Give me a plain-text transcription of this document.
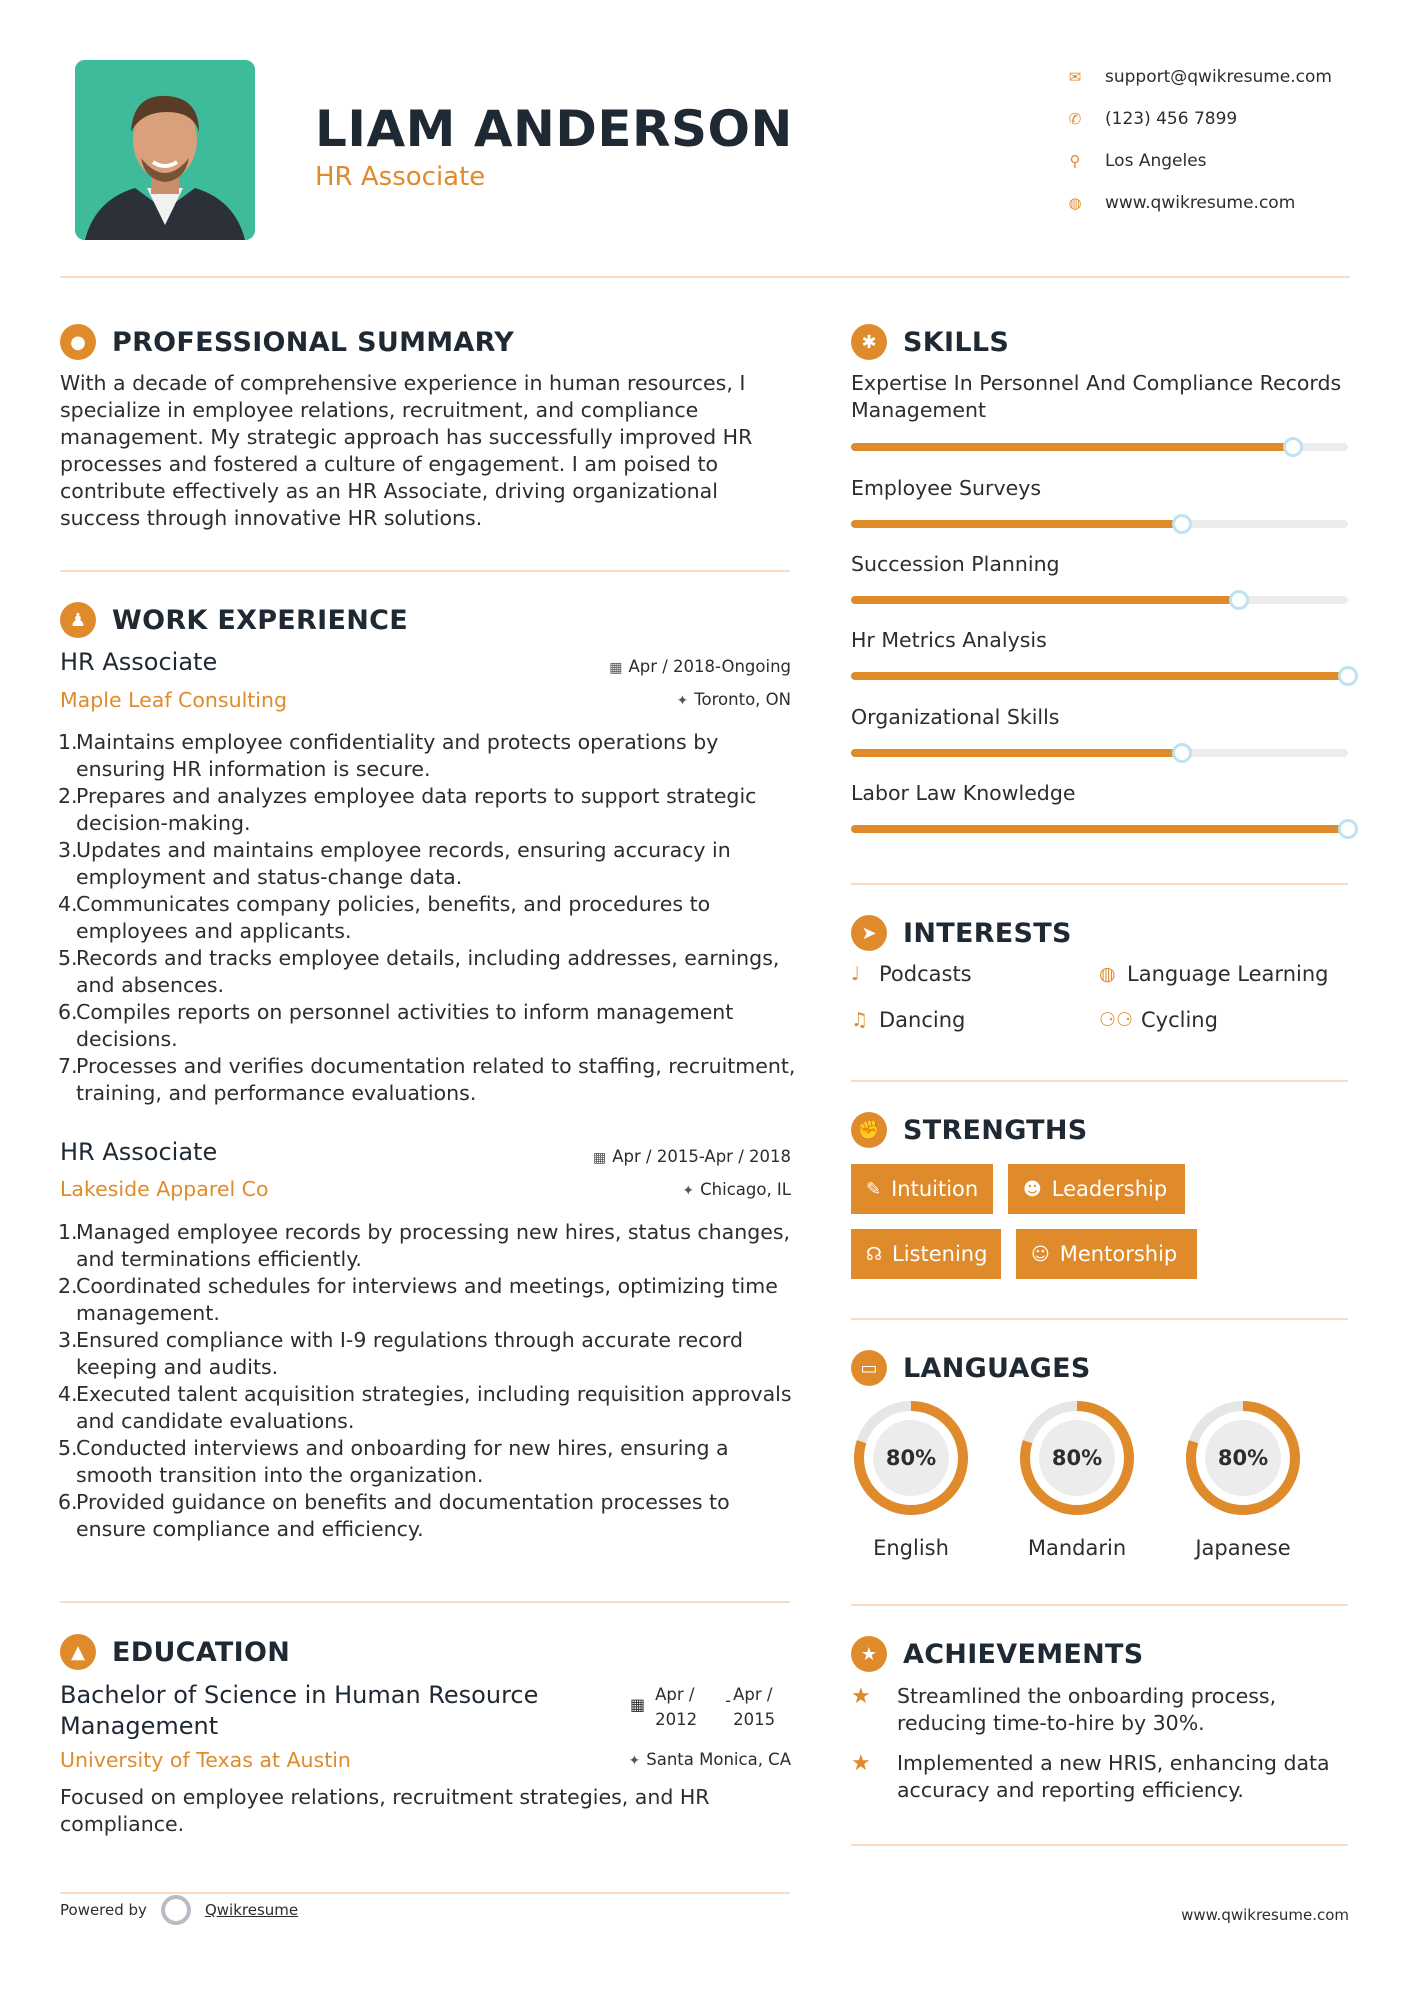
LIAM ANDERSON
HR Associate
✉	support@qwikresume.com
✆	(123) 456 7899
⚲	Los Angeles
◍	www.qwikresume.com
● PROFESSIONAL SUMMARY
With a decade of comprehensive experience in human resources, I specialize in employee relations, recruitment, and compliance management. My strategic approach has successfully improved HR processes and fostered a culture of engagement. I am poised to contribute effectively as an HR Associate, driving organizational success through innovative HR solutions.
♟ WORK EXPERIENCE
HR Associate	▦ Apr / 2018-Ongoing
Maple Leaf Consulting	✦ Toronto, ON
1.
Maintains employee confidentiality and protects operations by ensuring HR information is secure.
2.
Prepares and analyzes employee data reports to support strategic decision-making.
3.
Updates and maintains employee records, ensuring accuracy in employment and status-change data.
4.
Communicates company policies, benefits, and procedures to employees and applicants.
5.
Records and tracks employee details, including addresses, earnings, and absences.
6.
Compiles reports on personnel activities to inform management decisions.
7.
Processes and verifies documentation related to staffing, recruitment, training, and performance evaluations.
HR Associate	▦ Apr / 2015-Apr / 2018
Lakeside Apparel Co	✦ Chicago, IL
1.
Managed employee records by processing new hires, status changes, and terminations efficiently.
2.
Coordinated schedules for interviews and meetings, optimizing time management.
3.
Ensured compliance with I-9 regulations through accurate record keeping and audits.
4.
Executed talent acquisition strategies, including requisition approvals and candidate evaluations.
5.
Conducted interviews and onboarding for new hires, ensuring a smooth transition into the organization.
6.
Provided guidance on benefits and documentation processes to ensure compliance and efficiency.
▲	EDUCATION
Bachelor of Science in Human Resource Management
▦
Apr /
2012
- Apr /
2015
University of Texas at Austin	✦ Santa Monica, CA
Focused on employee relations, recruitment strategies, and HR compliance.
✱ SKILLS
Expertise In Personnel And Compliance Records Management
Employee Surveys
Succession Planning
Hr Metrics Analysis
Organizational Skills
Labor Law Knowledge
➤ INTERESTS
♩ Podcasts	◍ Language Learning
♫ Dancing	⚆⚆ Cycling
✊ STRENGTHS
✎ Intuition ☻ Leadership
☊ Listening ☺ Mentorship
▭ LANGUAGES
80%
English
80%
Mandarin
80%
Japanese
★ ACHIEVEMENTS
★	Streamlined the onboarding process, reducing time-to-hire by 30%.
★	Implemented a new HRIS, enhancing data accuracy and reporting efficiency.
Powered by	Qwikresume	www.qwikresume.com
